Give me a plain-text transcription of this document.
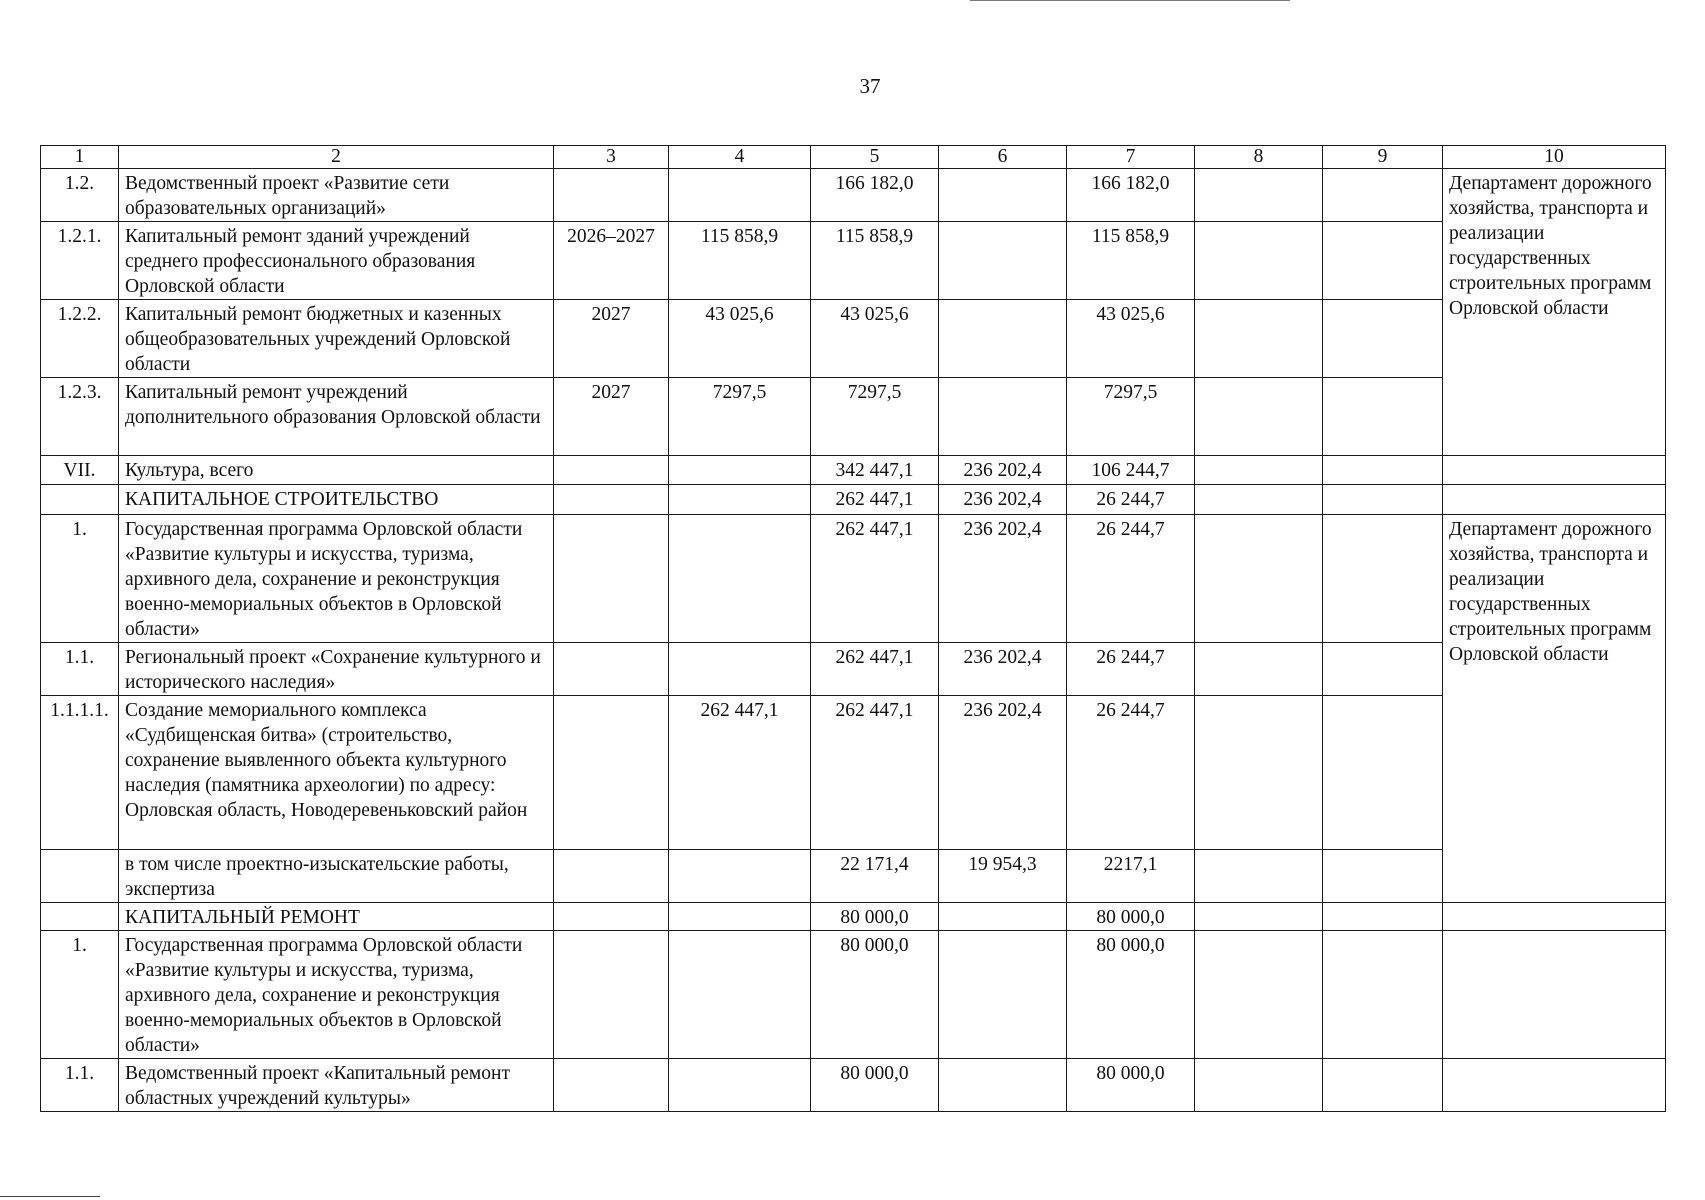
37
1	2	3	4	5	6	7	8	9	10
1.2.	Ведомственный проект «Развитие сети образовательных организаций»			166 182,0		166 182,0			Департамент дорожного хозяйства, транспорта и реализации государственных строительных программ Орловской области
1.2.1.	Капитальный ремонт зданий учреждений среднего профессионального образования Орловской области	2026–2027	115 858,9	115 858,9		115 858,9			
1.2.2.	Капитальный ремонт бюджетных и казенных общеобразовательных учреждений Орловской области	2027	43 025,6	43 025,6		43 025,6			
1.2.3.	Капитальный ремонт учреждений дополнительного образования Орловской области	2027	7297,5	7297,5		7297,5			
VII.	Культура, всего			342 447,1	236 202,4	106 244,7			
	КАПИТАЛЬНОЕ СТРОИТЕЛЬСТВО			262 447,1	236 202,4	26 244,7			
1.	Государственная программа Орловской области «Развитие культуры и искусства, туризма, архивного дела, сохранение и реконструкция военно-мемориальных объектов в Орловской области»			262 447,1	236 202,4	26 244,7			Департамент дорожного хозяйства, транспорта и реализации государственных строительных программ Орловской области
1.1.	Региональный проект «Сохранение культурного и исторического наследия»			262 447,1	236 202,4	26 244,7			
1.1.1.1.	Создание мемориального комплекса «Судбищенская битва» (строительство, сохранение выявленного объекта культурного наследия (памятника археологии) по адресу: Орловская область, Новодеревеньковский район		262 447,1	262 447,1	236 202,4	26 244,7			
	в том числе проектно-изыскательские работы, экспертиза			22 171,4	19 954,3	2217,1			
	КАПИТАЛЬНЫЙ РЕМОНТ			80 000,0		80 000,0			
1.	Государственная программа Орловской области «Развитие культуры и искусства, туризма, архивного дела, сохранение и реконструкция военно-мемориальных объектов в Орловской области»			80 000,0		80 000,0			
1.1.	Ведомственный проект «Капитальный ремонт областных учреждений культуры»			80 000,0		80 000,0			
